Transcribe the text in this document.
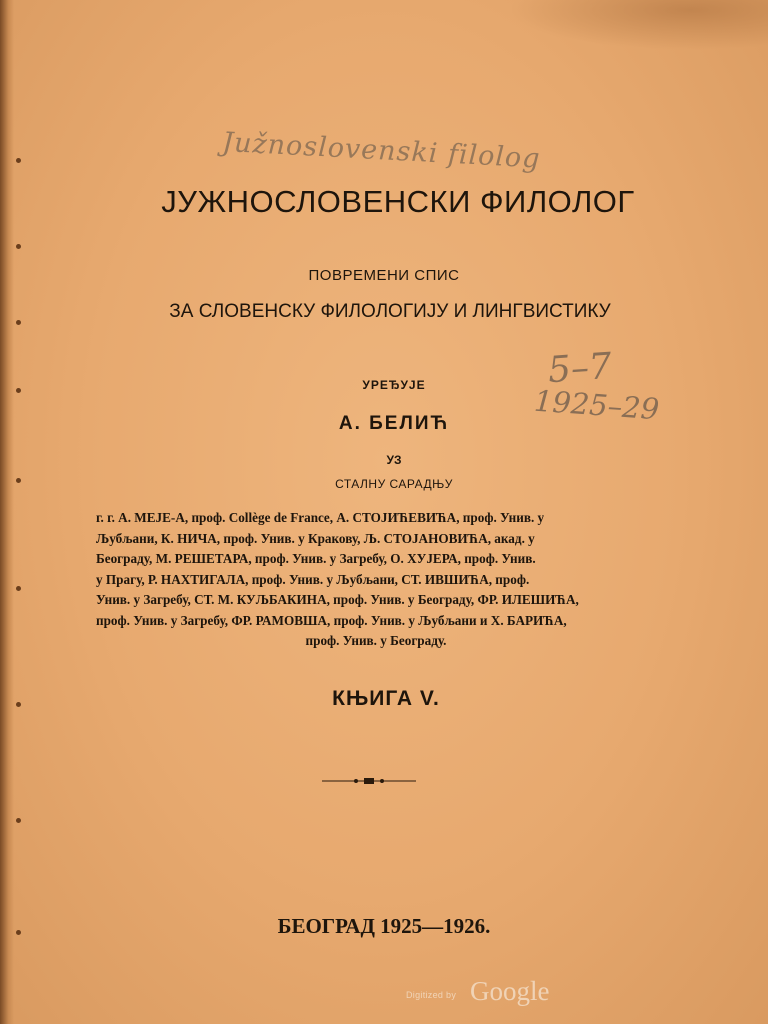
Južnoslovenski filolog
ЈУЖНОСЛОВЕНСКИ ФИЛОЛОГ
ПОВРЕМЕНИ СПИС
ЗА СЛОВЕНСКУ ФИЛОЛОГИЈУ И ЛИНГВИСТИКУ
5–7
1925–29
УРЕЂУЈЕ
А. БЕЛИЋ
УЗ
СТАЛНУ САРАДЊУ
г. г. А. МЕЈЕ-А, проф. Collège de France, А. СТОЈИЋЕВИЋА, проф. Унив. у
Љубљани, К. НИЧА, проф. Унив. у Кракову, Љ. СТОЈАНОВИЋА, акад. у
Београду, М. РЕШЕТАРА, проф. Унив. у Загребу, О. ХУЈЕРА, проф. Унив.
у Прагу, Р. НАХТИГАЛА, проф. Унив. у Љубљани, СТ. ИВШИЋА, проф.
Унив. у Загребу, СТ. М. КУЉБАКИНА, проф. Унив. у Београду, ФР. ИЛЕШИЋА,
проф. Унив. у Загребу, ФР. РАМОВША, проф. Унив. у Љубљани и Х. БАРИЋА,
проф. Унив. у Београду.
КЊИГА V.
БЕОГРАД 1925—1926.
Digitized by Google
